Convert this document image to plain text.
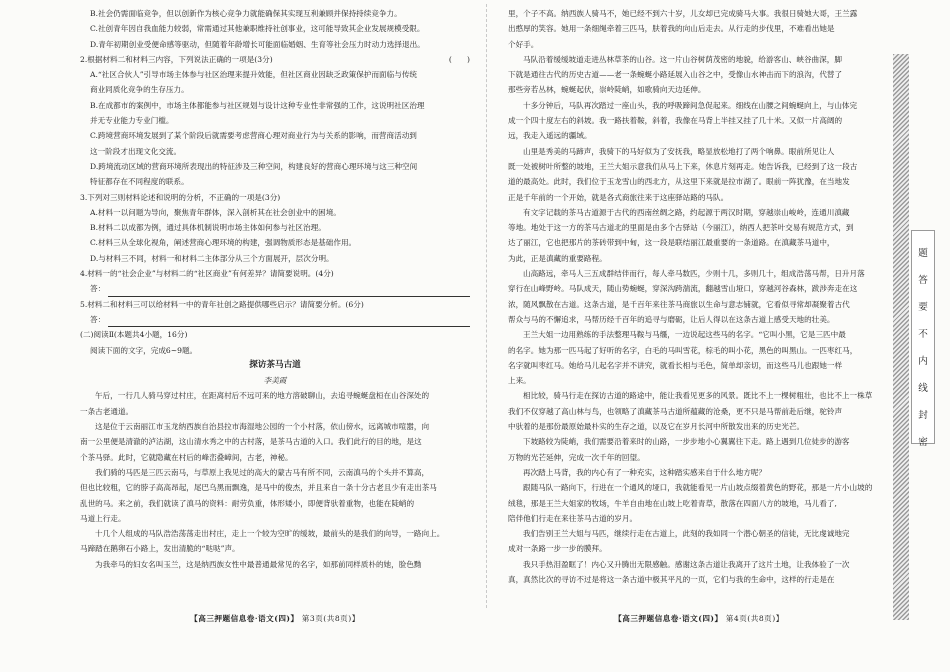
B.社会仍需面临竞争，但以创新作为核心竞争力就能确保其实现互利兼顾并保持持续竞争力。
C.社创青年因自我血能力较弱，常需通过其他兼职维持社创事业，这可能导致其企业发展规模受限。
D.青年初期创业受便命感等驱动，但随着年龄增长可能面临婚姻、生育等社会压力时动力选择退出。
(　　)
2.根据材料二和材料三内容，下列说法正确的一项是(3分)
A.“社区合伙人”引导市场主体参与社区治理来提升效能，但社区商业因缺乏政策保护而面临与传统
商业同质化竞争的生存压力。
B.在成都市的案例中，市场主体都能参与社区规划与设计这种专业性非常强的工作，这说明社区治理
并无专业能力专业门槛。
C.跨境营商环境发展到了某个阶段后就需要考虑营商心理对商业行为与关系的影响，而营商活动到
这一阶段才出现文化交流。
D.跨境流动区域的营商环境所表现出的特征涉及三种空间，构建良好的营商心理环境与这三种空间
特征都存在不同程度的联系。
3.下列对三则材料论述和说明的分析，不正确的一项是(3分)
A.材料一以问题为导向，聚焦青年群体，深入剖析其在社会创业中的困境。
B.材料二以成都为例，通过具体机制说明市场主体如何参与社区治理。
C.材料三从全球化视角，阐述营商心理环境的构建，强调物质形态是基础作用。
D.与材料三不同，材料一和材料二主体部分从三个方面展开，层次分明。
4.材料一的“社会企业”与材料二的“社区商业”有何差异？请简要说明。(4分)
答：
5.材料二和材料三可以给材料一中的青年社创之路提供哪些启示？请简要分析。(6分)
答：
(二)阅读Ⅱ(本题共4小题，16分)
阅读下面的文字，完成6~9题。
探访茶马古道
李美霞
午后，一行几人骑马穿过村庄，在距离村后不远可来的地方溶破聊山，去追寻蜿蜒盘桓在山谷深处的
一条古老通道。
这是位于云南丽江市玉龙纳西族自治县拉市海湿地公园的一个小村落，依山傍水，远离城市喧嚣，向
南一公里便是清澈的泸沽湖，这山清水秀之中的古村落，是茶马古道的入口。我们此行的目的地，是这
个茶马驿。此时，它就隐藏在村后的峰峦叠嶂间，古老，神秘。
我们骑的马匹是三匹云南马，与草原上我见过的高大的蒙古马有所不同，云南滇马的个头并不算高，
但也比较粗，它的脖子高高昂起，尾巴乌黑而飘逸，是马中的俊杰，并且来自一条十分古老且少有走出茶马
乱世的马。来之前，我们就读了滇马的资料：耐劳负重，体形矮小，即便背驮着重物，也能在陡峭的
马道上行走。
十几个人组成的马队浩浩荡荡走出村庄，走上一个较为空旷的缓坡，最前头的是我们的向导，一路向上。
马蹄踏在鹅卵石小路上，发出清脆的“哒哒”声。
为我牵马的妇女名叫玉兰，这是纳西族女性中最普通最常见的名字，如那前同样质朴的她，脸色黝
【高三押题信息卷·语文(四)】 第3页(共8页)】
里，个子不高。纳西族人骑马不，她已经不到六十岁，儿女却已完成骑马大事。我很日骑她大哥，王兰露
出憨厚的笑容。她用一条细绳牵着三匹马，肤着我的向山后走去。从行走的步伐里，不难看出她是
个好手。
马队沿着缓缓坡道走进丛林草茶的山谷。这一片山谷树荫茂密的地貌，给游客山、峡谷曲深，脚
下就是通往古代的历史古道——老一条蜿蜒小路延展入山谷之中，受像山水神击而下的浪沟，代替了
那些旁若丛林，蜿蜒起伏，崇岭陡峭，如歌骑向天边延伸。
十多分钟后，马队再次踏过一座山头，我的呼吸蹄间急促起来。细线在山腰之间蜿蜒向上，与山体完
成一个四十度左右的斜坡。我一路扶着鞍，斜着，我像在马背上半挂又挂了几十米。又似一片高阔的
远，我走入遥远的疆域。
山里是秀美的马蹄声，我骑下的马好似为了安抚我，略显放松地打了两个响鼻。眼前所见让人
既一处被树叶所整的坡地，王兰大姐示意我们从马上下来，休息片刻再走。她告诉我，已经到了这一段古
道的最高处。此时，我们位于玉龙雪山的西北方，从这里下来就是拉市湖了。眼前一阵犹豫，在当地发
正是千年前的一个开始，就是各式商旅往来于这座驿站路的马队。
有文字记载的茶马古道源于古代的西南丝绸之路，约起源于两汉时期，穿越崇山峻岭，连通川滇藏
等地。地处于这一方的茶马古道北的里面是由多个古驿站（今丽江），纳西人把茶叶交易有规范方式，到
达了丽江，它也把那片的茶砖带到中甸，这一段是联结丽江最重要的一条道路。在滇藏茶马道中，
为此，正是滇藏的重要路程。
山高路远，牵马人三五成群结伴而行，每人牵马数匹，少则十几，多则几十，组成浩荡马帮，日升月落
穿行在山峰野岭。马队成天，随山势蜿蜒，穿深沟跨湍流，翻越雪山垭口，穿越河谷森林，跋涉奔走在这
浓，随风飘散在古道。这条古道，是千百年来往茶马商旅以生命与意志铺就，它看似寻常却凝聚着古代
帮众与马的不懈追求，马帮历经千百年的追寻与磨砺，让后人得以在这条古道上感受天地的壮美。
王兰大姐一边用熟练的手法整理马鞍与马缰，一边说起这些马的名字。“它叫小黑，它是三匹中最
的名字。她为那一匹马起了好听的名字，白毛的马叫雪花，棕毛的叫小花，黑色的叫黑山。一匹枣红马，
名字就叫枣红马。她给马儿起名字并不讲究，就看长相与毛色，简单却亲切，而这些马儿也跟她一样
上来。
相比较，骑马行走在探访古道的路途中，能让我看见更多的风景。既比不上一棵树粗壮，也比不上一株草
我们不仅穿越了高山林与鸟，也领略了滇藏茶马古道所蕴藏的沧桑，更不只是马帮前赴后继，驼铃声
中驮着的是那份最原始最朴实的生存之道，以及它在岁月长河中所散发出来的历史光芒。
下坡路较为陡峭，我们需要沿着来时的山路，一步步地小心翼翼往下走。路上遇到几位徒步的游客
万物的光芒延伸，完成一次千年的回望。
再次踏上马背，我的内心有了一种充实，这种踏实感来自于什么地方呢？
跟随马队一路向下，行进在一个通风的垭口，我就能看见一片山坡点缀着黄色的野花，那是一片小山坡的
绒毯，那是王兰大姐家的牧场，牛羊自由地在山坡上吃着青草，散落在四面八方的坡地，马儿看了,
陪伴他们行走在来往茶马古道的岁月。
我们告别王兰大姐与马匹，继续行走在古道上，此刻的我如同一个潜心朝圣的信徒，无比虔诚地完
成对一条路一步一步的膜拜。
我只手热泪盈眶了！内心又升腾出无限感触。感谢这条古道让我离开了这片土地，让我体验了一次
真，真然比次的寻访不过是将这一条古道中极其平凡的一页，它们与我的生命中，这样的行走是在
【高三押题信息卷·语文(四)】 第4页(共8页)】
题
答
要
不
内
线
封
密
